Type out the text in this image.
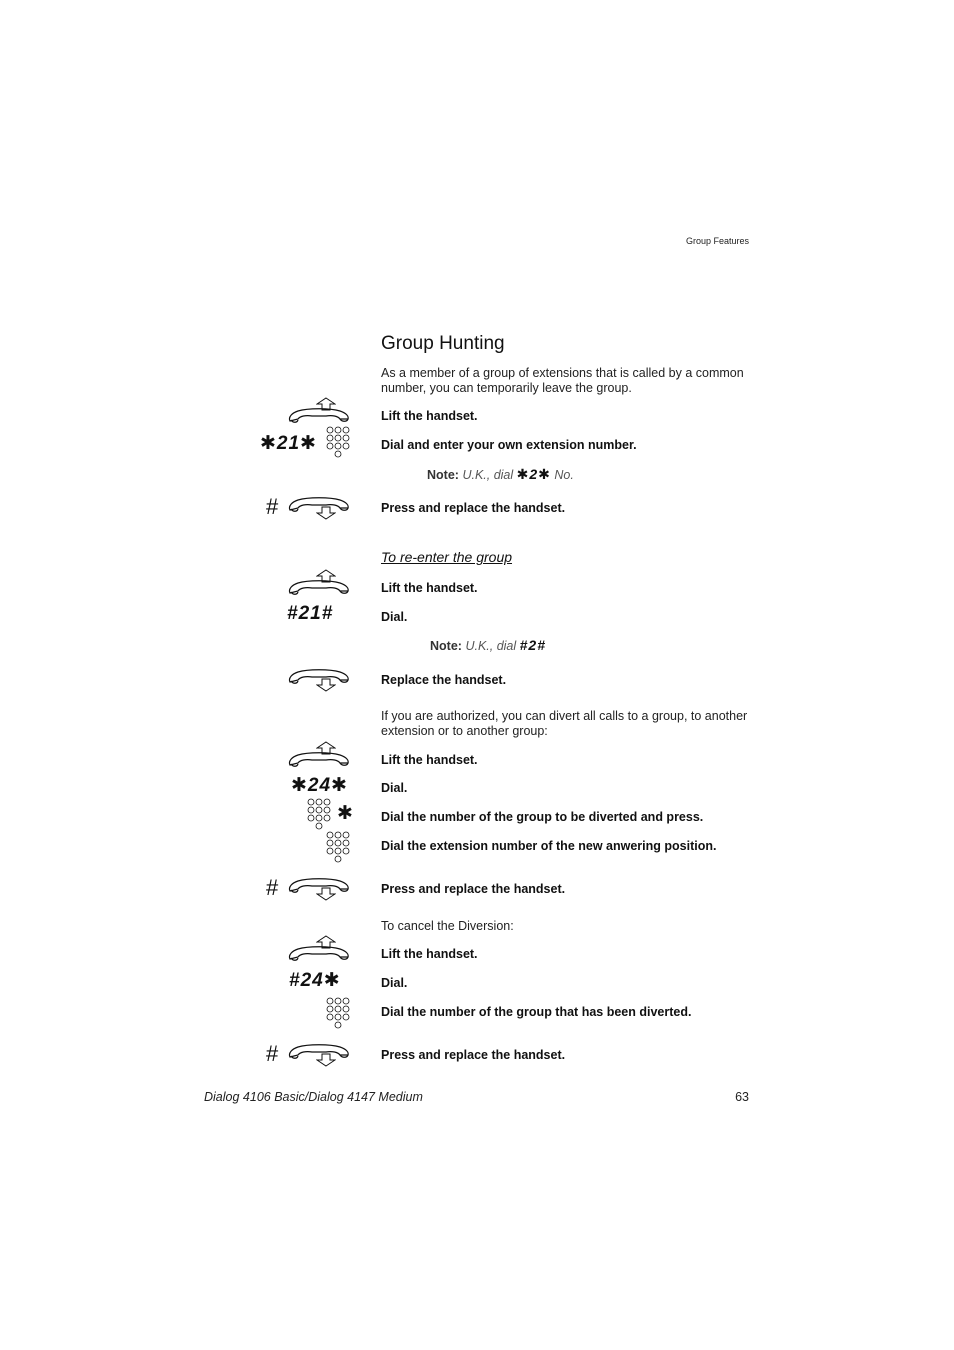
Group Features
Group Hunting
As a member of a group of extensions that is called by a common number, you can temporarily leave the group.
Lift the handset.
✱21✱	Dial and enter your own extension number.
Note: U.K., dial ✱2✱ No.
#	Press and replace the handset.
To re-enter the group
Lift the handset.
#21#	Dial.
Note: U.K., dial #2#
Replace the handset.
If you are authorized, you can divert all calls to a group, to another extension or to another group:
Lift the handset.
✱24✱	Dial.
✱ Dial the number of the group to be diverted and press.
Dial the extension number of the new anwering position.
#	Press and replace the handset.
To cancel the Diversion:
Lift the handset.
#24✱	Dial.
Dial the number of the group that has been diverted.
#	Press and replace the handset.
Dialog 4106 Basic/Dialog 4147 Medium	63
